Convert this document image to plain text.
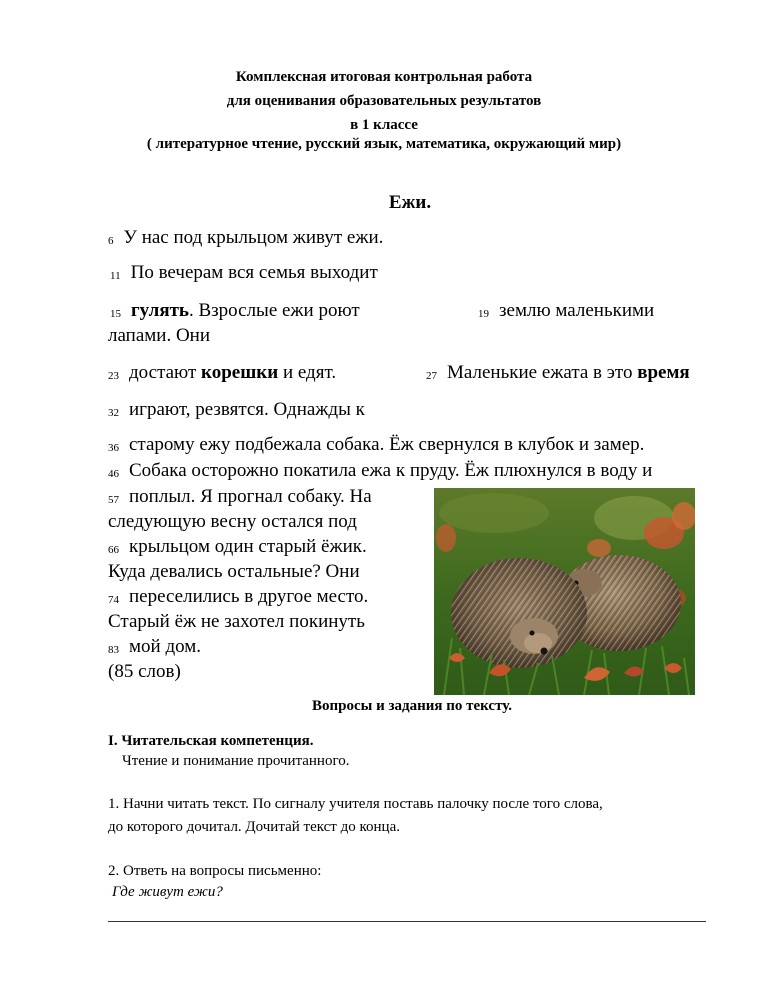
Комплексная итоговая контрольная работа
для оценивания образовательных результатов
в 1 классе
( литературное чтение, русский язык, математика, окружающий мир)
Ежи.
6 У нас под крыльцом живут ежи.
11 По вечерам вся семья выходит
15 гулять. Взрослые ежи роют	19 землю маленькими
лапами. Они
23 достают корешки и едят.	27 Маленькие ежата в это время
32 играют, резвятся. Однажды к
36 старому ежу подбежала собака. Ёж свернулся в клубок и замер.
46 Собака осторожно покатила ежа к пруду. Ёж плюхнулся в воду и
57 поплыл. Я прогнал собаку. На
следующую весну остался под
66 крыльцом один старый ёжик.
Куда девались остальные? Они
74 переселились в другое место.
Старый ёж не захотел покинуть
83 мой дом.
(85 слов)
Вопросы и задания по тексту.
I. Читательская компетенция.
Чтение и понимание прочитанного.
1. Начни читать текст. По сигналу учителя поставь палочку после того слова,
до которого дочитал. Дочитай текст до конца.
2. Ответь на вопросы письменно:
Где живут ежи?
